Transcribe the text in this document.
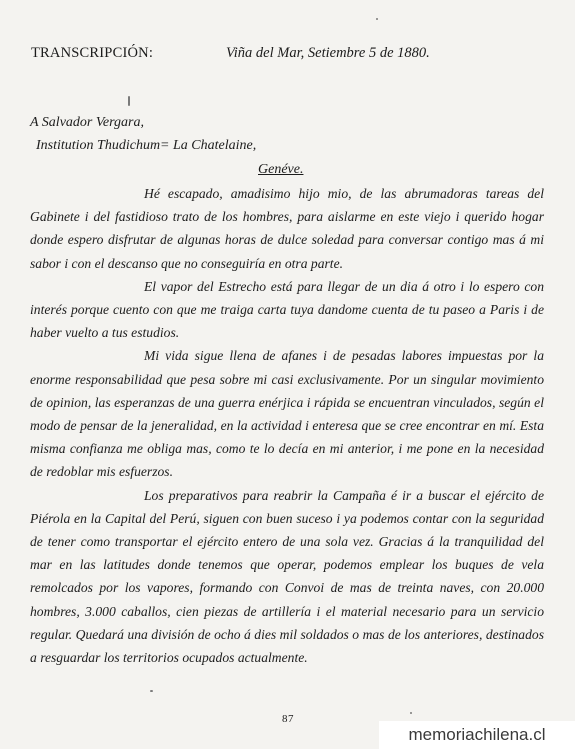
TRANSCRIPCIÓN:	Viña del Mar, Setiembre 5 de 1880.
A Salvador Vergara,
Institution Thudichum= La Chatelaine,
Genéve.

Hé escapado, amadisimo hijo mio, de las abrumadoras tareas del Gabinete i del fastidioso trato de los hombres, para aislarme en este viejo i querido hogar donde espero disfrutar de algunas horas de dulce soledad para conversar contigo mas á mi sabor i con el descanso que no conseguiría en otra parte.

El vapor del Estrecho está para llegar de un dia á otro i lo espero con interés porque cuento con que me traiga carta tuya dandome cuenta de tu paseo a Paris i de haber vuelto a tus estudios.

Mi vida sigue llena de afanes i de pesadas labores impuestas por la enorme responsabilidad que pesa sobre mi casi exclusivamente. Por un singular movimiento de opinion, las esperanzas de una guerra enérjica i rápida se encuentran vinculados, según el modo de pensar de la jeneralidad, en la actividad i enteresa que se cree encontrar en mí. Esta misma confianza me obliga mas, como te lo decía en mi anterior, i me pone en la necesidad de redoblar mis esfuerzos.

Los preparativos para reabrir la Campaña é ir a buscar el ejército de Piérola en la Capital del Perú, siguen con buen suceso i ya podemos contar con la seguridad de tener como transportar el ejército entero de una sola vez. Gracias á la tranquilidad del mar en las latitudes donde tenemos que operar, podemos emplear los buques de vela remolcados por los vapores, formando con Convoi de mas de treinta naves, con 20.000 hombres, 3.000 caballos, cien piezas de artillería i el material necesario para un servicio regular. Quedará una división de ocho á dies mil soldados o mas de los anteriores, destinados a resguardar los territorios ocupados actualmente.

87
memoriachilena.cl
